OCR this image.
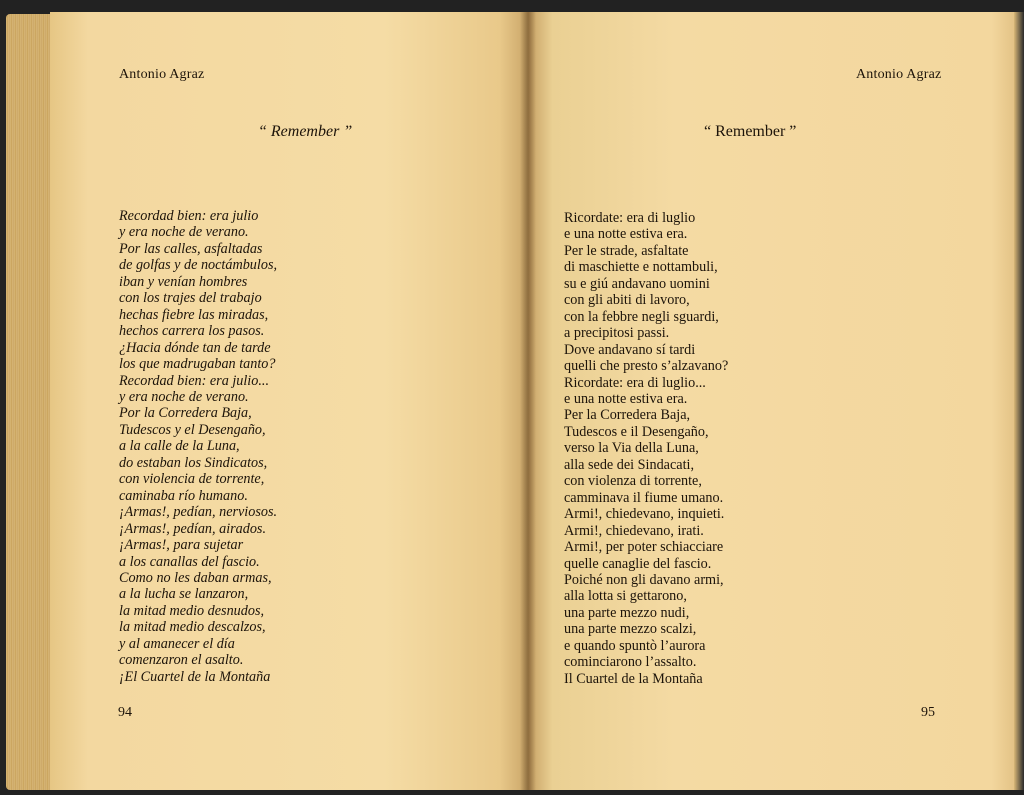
Antonio Agraz
“ Remember ”
Recordad bien: era julio
y era noche de verano.
Por las calles, asfaltadas
de golfas y de noctámbulos,
iban y venían hombres
con los trajes del trabajo
hechas fiebre las miradas,
hechos carrera los pasos.
¿Hacia dónde tan de tarde
los que madrugaban tanto?
Recordad bien: era julio...
y era noche de verano.
Por la Corredera Baja,
Tudescos y el Desengaño,
a la calle de la Luna,
do estaban los Sindicatos,
con violencia de torrente,
caminaba río humano.
¡Armas!, pedían, nerviosos.
¡Armas!, pedían, airados.
¡Armas!, para sujetar
a los canallas del fascio.
Como no les daban armas,
a la lucha se lanzaron,
la mitad medio desnudos,
la mitad medio descalzos,
y al amanecer el día
comenzaron el asalto.
¡El Cuartel de la Montaña
94
Antonio Agraz
“ Remember ”
Ricordate: era di luglio
e una notte estiva era.
Per le strade, asfaltate
di maschiette e nottambuli,
su e giú andavano uomini
con gli abiti di lavoro,
con la febbre negli sguardi,
a precipitosi passi.
Dove andavano sí tardi
quelli che presto s’alzavano?
Ricordate: era di luglio...
e una notte estiva era.
Per la Corredera Baja,
Tudescos e il Desengaño,
verso la Via della Luna,
alla sede dei Sindacati,
con violenza di torrente,
camminava il fiume umano.
Armi!, chiedevano, inquieti.
Armi!, chiedevano, irati.
Armi!, per poter schiacciare
quelle canaglie del fascio.
Poiché non gli davano armi,
alla lotta si gettarono,
una parte mezzo nudi,
una parte mezzo scalzi,
e quando spuntò l’aurora
cominciarono l’assalto.
Il Cuartel de la Montaña
95
